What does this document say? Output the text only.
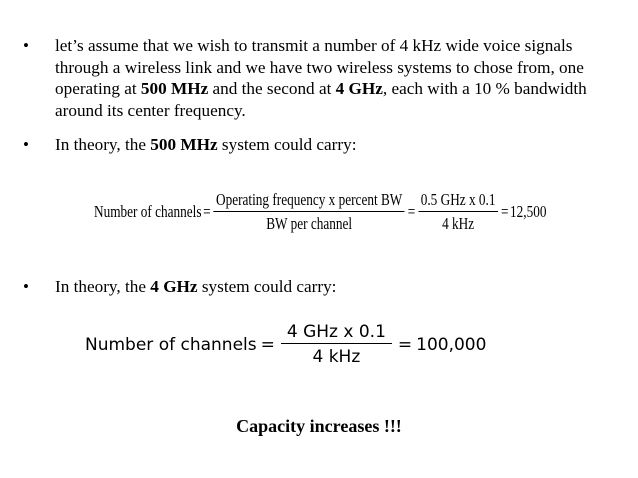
• let’s assume that we wish to transmit a number of 4 kHz wide voice signals through a wireless link and we have two wireless systems to chose from, one operating at 500 MHz and the second at 4 GHz, each with a 10 % bandwidth around its center frequency.
• In theory, the 500 MHz system could carry:
Number of channels = $\frac{\text{Operating frequency x percent BW}}{\text{BW per channel}} = \frac{\text{0.5 GHz x 0.1}}{\text{4 kHz}} = 12,500$
• In theory, the 4 GHz system could carry:
Number of channels = $\frac{\text{4 GHz x 0.1}}{\text{4 kHz}} = 100,000$
Capacity increases !!!
